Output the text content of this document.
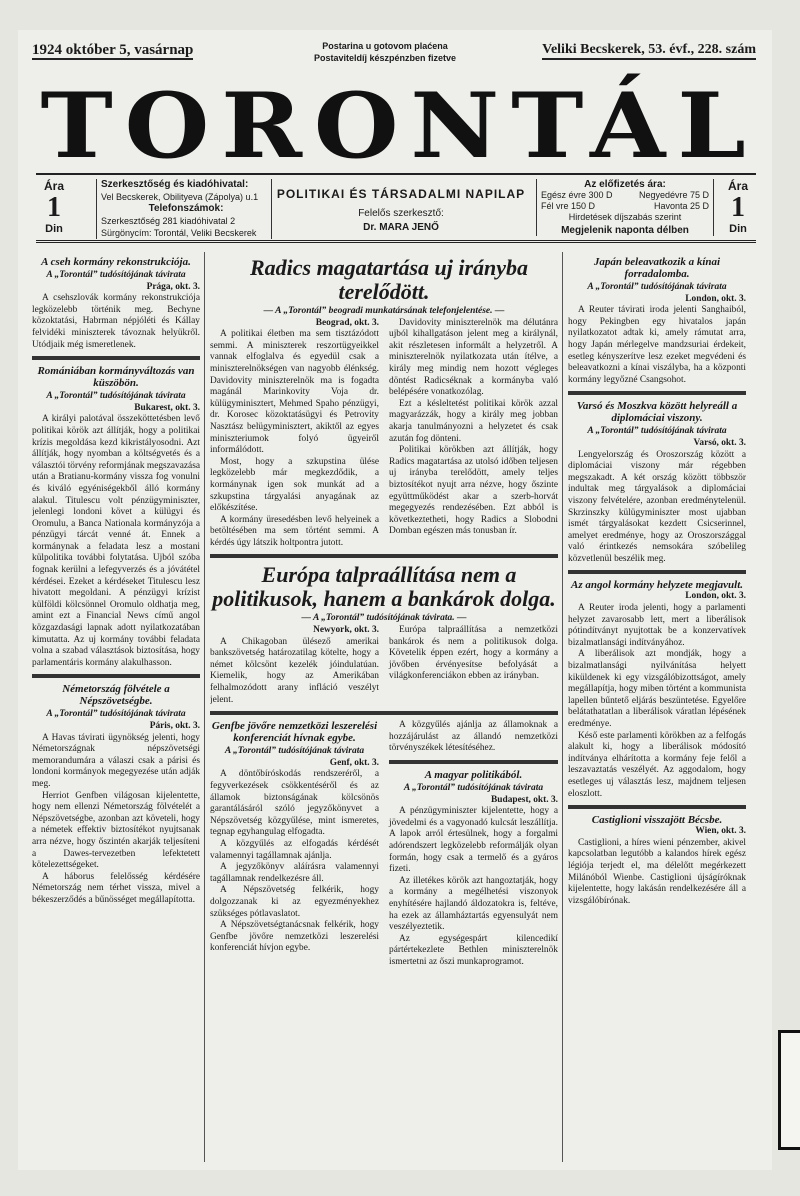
1924 október 5, vasárnap	Postarina u gotovom plaćena
Postaviteldíj készpénzben fizetve
Veliki Becskerek, 53. évf., 228. szám
TORONTÁL
Ára
1
Din
Szerkesztőség és kiadóhivatal:
Vel Becskerek, Obilityeva (Zápolya) u.1
Telefonszámok:
Szerkesztőség 281 kiadóhivatal 2
Sürgönycím: Torontál, Veliki Becskerek
POLITIKAI ÉS TÁRSADALMI NAPILAP
Felelős szerkesztő:
Dr. MARA JENŐ
Az előfizetés ára:
Egész évre 300 D	Negyedévre 75 D
Fél vre 150 D	Havonta 25 D
Hirdetések díjszabás szerint
Megjelenik naponta délben
Ára
1
Din

A cseh kormány rekonstrukciója.

A „Torontál” tudósítójának távirata

Prága, okt. 3.

A csehszlovák kormány rekonstrukciója legközelebb történik meg. Bechyne közoktatási, Habrman népjóléti és Kállay felvidéki miniszterek távoznak helyükről. Utódjaik még ismeretlenek.

Romániában kormányváltozás van küszöbön.

A „Torontál” tudósítójának távirata

Bukarest, okt. 3.

A királyi palotával összeköttetésben levő politikai körök azt állítják, hogy a politikai krízis megoldása kezd kikristályosodni. Azt állítják, hogy nyomban a költségvetés és a választói törvény reformjának megszavazása után a Bratianu-kormány vissza fog vonulni és kiváló egyéniségekből álló kormány alakul. Titulescu volt pénzügyminiszter, jelenlegi londoni követ a külügyi és Oromulu, a Banca Nationala kormányzója a pénzügyi tárcát venné át. Ennek a kormánynak a feladata lesz a mostani külpolitika további folytatása. Ujból szóba fognak kerülni a lefegyverzés és a jóvátétel kérdései. Ezeket a kérdéseket Titulescu lesz hivatott megoldani. A pénzügyi krízist külföldi kölcsönnel Oromulo oldhatja meg, amint ezt a Financial News című angol közgazdasági lapnak adott nyilatkozatában kimutatta. Az uj kormány további feladata volna a szabad választások biztosítása, hogy parlamentáris kormány alakulhasson.

Németország fölvétele a Népszövetségbe.

A „Torontál” tudósítójának távirata

Páris, okt. 3.

A Havas távirati ügynökség jelenti, hogy Németországnak népszövetségi memorandumára a válaszi csak a párisi és londoni kormányok megegyezése után adják meg.

Herriot Genfben világosan kijelentette, hogy nem ellenzi Németország fölvételét a Népszövetségbe, azonban azt követeli, hogy a németek effektiv biztosítékot nyujtsanak arra nézve, hogy őszintén akarják teljesíteni a Dawes-tervezetben lefektetett kötelezettségeket.

A háborus felelősség kérdésére Németország nem térhet vissza, mivel a békeszerződés a bűnösséget megállapította.

Radics magatartása uj irányba terelődött.

— A „Torontál” beogradi munkatársának telefonjelentése. —

Beograd, okt. 3.

A politikai életben ma sem tisztázódott semmi. A miniszterek reszortügyeikkel vannak elfoglalva és egyedül csak a miniszterelnökségen van nagyobb élénkség. Davidovity miniszterelnök ma is fogadta magánál Marinkovity Voja dr. külügyminisztert, Mehmed Spaho pénzügyi, dr. Korosec közoktatásügyi és Petrovity Nasztász belügyminisztert, akiktől az egyes miniszteriumok folyó ügyeiről informálódott.

Most, hogy a szkupstina ülése legközelebb már megkezdődik, a kormánynak igen sok munkát ad a szkupstina tárgyalási anyagának az előkészítése.

A kormány üresedésben levő helyeinek a betöltésében ma sem történt semmi. A kérdés úgy látszik holtpontra jutott.

Davidovity miniszterelnök ma délutánra ujból kihallgatáson jelent meg a királynál, akit részletesen informált a helyzetről. A miniszterelnök nyilatkozata után ítélve, a király meg mindig nem hozott végleges döntést Radicséknak a kormányba való belépésére vonatkozólag.

Ezt a késleltetést politikai körök azzal magyarázzák, hogy a király meg jobban akarja tanulmányozni a helyzetet és csak azután fog dönteni.

Politikai körökben azt állítják, hogy Radics magatartása az utolsó időben teljesen uj irányba terelődött, amely teljes biztosítékot nyujt arra nézve, hogy őszinte együttműködést akar a szerb-horvát megegyezés rendezésében. Ezt abból is következtetheti, hogy Radics a Slobodni Domban egészen más tonusban ír.

Európa talpraállítása nem a politikusok, hanem a bankárok dolga.

— A „Torontál” tudósítójának távirata. —

Newyork, okt. 3.

A Chikagoban ülésező amerikai bankszövetség határozatilag kötelte, hogy a német kölcsönt kezelék jóindulatúan. Kiemelik, hogy az Amerikában felhalmozódott arany infláció veszélyt jelent.

Európa talpraállítása a nemzetközi bankárok és nem a politikusok dolga. Követelik éppen ezért, hogy a kormány a jövőben érvényesítse befolyását a világkonferenciákon ebben az irányban.

Genfbe jövőre nemzetközi leszerelési konferenciát hívnak egybe.

A „Torontál” tudósítójának távirata

Genf, okt. 3.

A döntőbíróskodás rendszeréről, a fegyverkezések csökkentéséről és az államok biztonságának kölcsönös garantálásáról szóló jegyzőkönyvet a Népszövetség közgyűlése, mint ismeretes, tegnap egyhangulag elfogadta.

A közgyűlés az elfogadás kérdését valamennyi tagállamnak ajánlja.

A jegyzőkönyv aláírásra valamennyi tagállamnak rendelkezésre áll.

A Népszövetség felkérik, hogy dolgozzanak ki az egyezményekhez szükséges pótlavaslatot.

A Népszövetségtanácsnak felkérik, hogy Genfbe jövőre nemzetközi leszerelési konferenciát hívjon egybe.

A közgyűlés ajánlja az államoknak a hozzájárulást az állandó nemzetközi törvényszékek létesítéséhez.

A magyar politikából.

A „Torontál” tudósítójának távirata

Budapest, okt. 3.

A pénzügyminiszter kijelentette, hogy a jövedelmi és a vagyonadó kulcsát leszállítja. A lapok arról értesülnek, hogy a forgalmi adórendszert legközelebb reformálják olyan formán, hogy csak a termelő és a gyáros fizeti.

Az illetékes körök azt hangoztatják, hogy a kormány a megélhetési viszonyok enyhítésére hajlandó áldozatokra is, feltéve, ha ezek az államháztartás egyensulyát nem veszélyeztetik.

Az egységespárt kilencedikí pártértekezlete Bethlen miniszterelnök ismertetni az őszi munkaprogramot.

Japán beleavatkozik a kínai forradalomba.

A „Torontál” tudósítójának távirata

London, okt. 3.

A Reuter távirati iroda jelenti Sanghaiból, hogy Pekingben egy hivatalos japán nyilatkozatot adtak ki, amely rámutat arra, hogy Japán mérlegelve mandzsuriai érdekeit, esetleg kényszerítve lesz ezeket megvédeni és beleavatkozni a kínai viszályba, ha a központi kormány legyőzné Csangsohot.

Varsó és Moszkva között helyreáll a diplomáciai viszony.

A „Torontál” tudósítójának távirata

Varsó, okt. 3.

Lengyelország és Oroszország között a diplomáciai viszony már régebben megszakadt. A két ország között többször indultak meg tárgyalások a diplomáciai viszony felvételére, azonban eredménytelenül. Skrzinszky külügyminiszter most ujabban ismét tárgyalásokat kezdett Csicserinnel, amelyet eredménye, hogy az Oroszországgal való érintkezés nemsokára szóbelileg közvetlenül beszélik meg.

Az angol kormány helyzete megjavult.

London, okt. 3.

A Reuter iroda jelenti, hogy a parlamenti helyzet zavarosabb lett, mert a liberálisok pótindítványt nyujtottak be a konzervatívek bizalmatlansági indítványához.

A liberálisok azt mondják, hogy a bizalmatlansági nyilvánítása helyett kiküldenek ki egy vizsgálóbizottságot, amely megállapítja, hogy miben történt a kommunista lapellen bűntető eljárás beszüntetése. Egyelőre belátathatatlan a liberálisok váratlan lépésének eredménye.

Késő este parlamenti körökben az a felfogás alakult ki, hogy a liberálisok módosító indítványa elhárította a kormány feje felől a leszavaztatás veszélyét. Az aggodalom, hogy esetleges uj választás lesz, majdnem teljesen eloszlott.

Castiglioni visszajött Bécsbe.

Wien, okt. 3.

Castiglioni, a híres wieni pénzember, akivel kapcsolatban legutóbb a kalandos hírek egész légiója terjedt el, ma délelőtt megérkezett Milánóból Wienbe. Castiglioni újságíróknak kijelentette, hogy lakásán rendelkezésére áll a vizsgálóbírónak.
